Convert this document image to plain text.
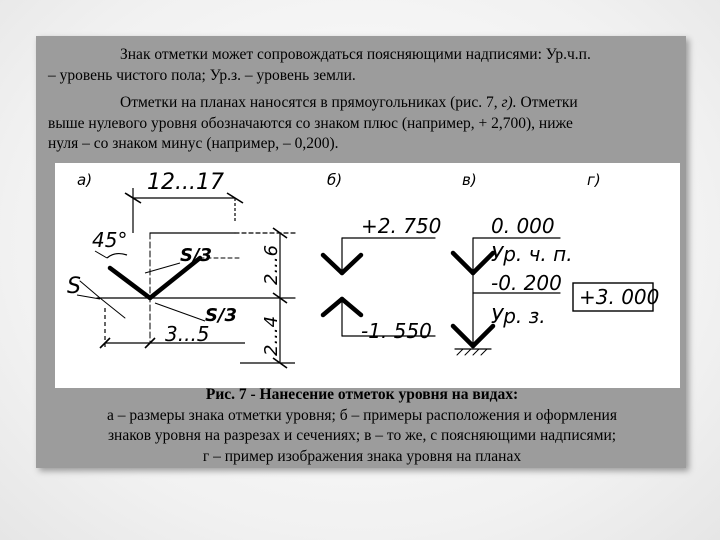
Знак отметки может сопровождаться поясняющими надписями: Ур.ч.п.
– уровень чистого пола; Ур.з. – уровень земли.

Отметки на планах наносятся в прямоугольниках (рис. 7, г). Отметки
выше нулевого уровня обозначаются со знаком плюс (например, + 2,700), ниже
нуля – со знаком минус (например, – 0,200).

а) 12...17
45°
S
S/3
S/3
2...6
2...4
3...5
б)
+2. 750
-1. 550
в)
0. 000
Ур. ч. п.
-0. 200
Ур. з.
г)
+3. 000
Рис. 7 - Нанесение отметок уровня на видах:
а – размеры знака отметки уровня; б – примеры расположения и оформления
знаков уровня на разрезах и сечениях; в – то же, с поясняющими надписями;
г – пример изображения знака уровня на планах
